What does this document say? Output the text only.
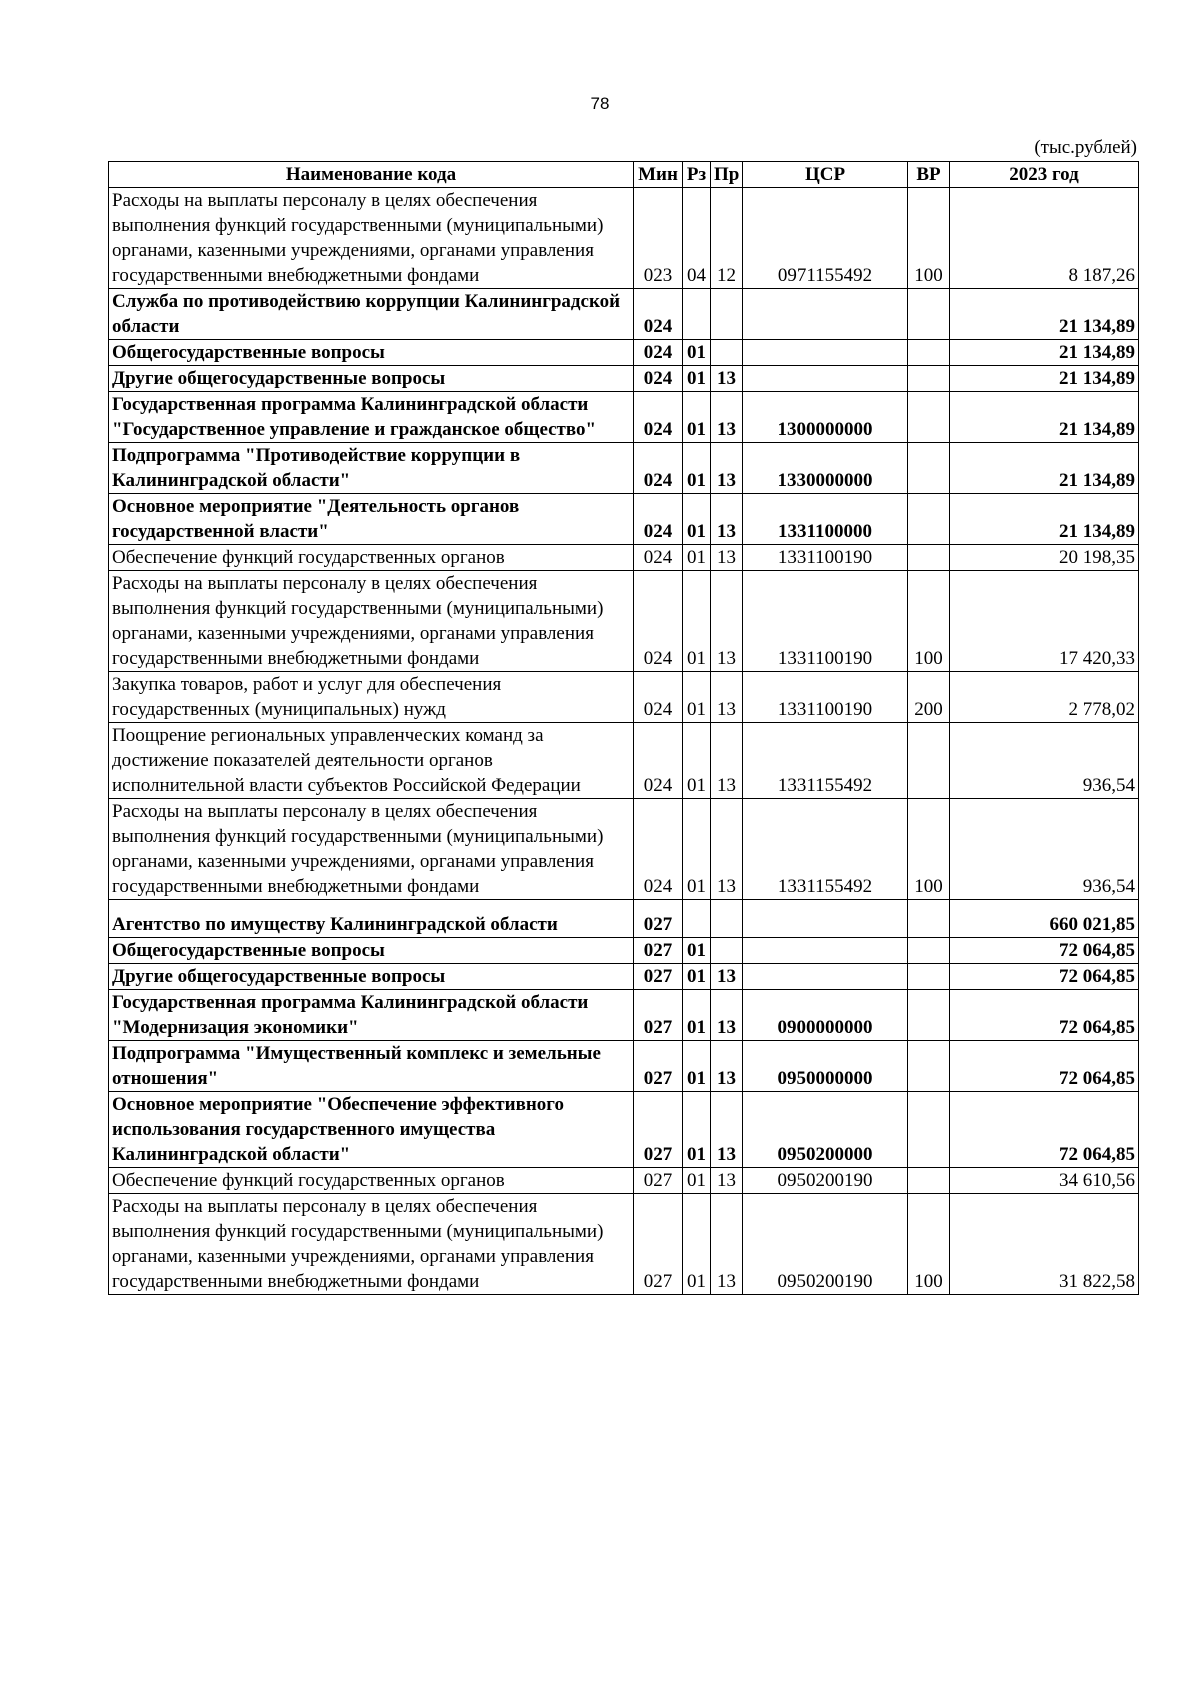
78
(тыс.рублей)
Наименование кода	Мин	Рз	Пр	ЦСР	ВР	2023 год
Расходы на выплаты персоналу в целях обеспечения выполнения функций государственными (муниципальными) органами, казенными учреждениями, органами управления государственными внебюджетными фондами	023	04	12	0971155492	100	8 187,26
Служба по противодействию коррупции Калининградской области	024					21 134,89
Общегосударственные вопросы	024	01				21 134,89
Другие общегосударственные вопросы	024	01	13			21 134,89
Государственная программа Калининградской области "Государственное управление и гражданское общество"	024	01	13	1300000000		21 134,89
Подпрограмма "Противодействие коррупции в Калининградской области"	024	01	13	1330000000		21 134,89
Основное мероприятие "Деятельность органов государственной власти"	024	01	13	1331100000		21 134,89
Обеспечение функций государственных органов	024	01	13	1331100190		20 198,35
Расходы на выплаты персоналу в целях обеспечения выполнения функций государственными (муниципальными) органами, казенными учреждениями, органами управления государственными внебюджетными фондами	024	01	13	1331100190	100	17 420,33
Закупка товаров, работ и услуг для обеспечения государственных (муниципальных) нужд	024	01	13	1331100190	200	2 778,02
Поощрение региональных управленческих команд за достижение показателей деятельности органов исполнительной власти субъектов Российской Федерации	024	01	13	1331155492		936,54
Расходы на выплаты персоналу в целях обеспечения выполнения функций государственными (муниципальными) органами, казенными учреждениями, органами управления государственными внебюджетными фондами	024	01	13	1331155492	100	936,54
Агентство по имуществу Калининградской области	027					660 021,85
Общегосударственные вопросы	027	01				72 064,85
Другие общегосударственные вопросы	027	01	13			72 064,85
Государственная программа Калининградской области "Модернизация экономики"	027	01	13	0900000000		72 064,85
Подпрограмма "Имущественный комплекс и земельные отношения"	027	01	13	0950000000		72 064,85
Основное мероприятие "Обеспечение эффективного использования государственного имущества Калининградской области"	027	01	13	0950200000		72 064,85
Обеспечение функций государственных органов	027	01	13	0950200190		34 610,56
Расходы на выплаты персоналу в целях обеспечения выполнения функций государственными (муниципальными) органами, казенными учреждениями, органами управления государственными внебюджетными фондами	027	01	13	0950200190	100	31 822,58
